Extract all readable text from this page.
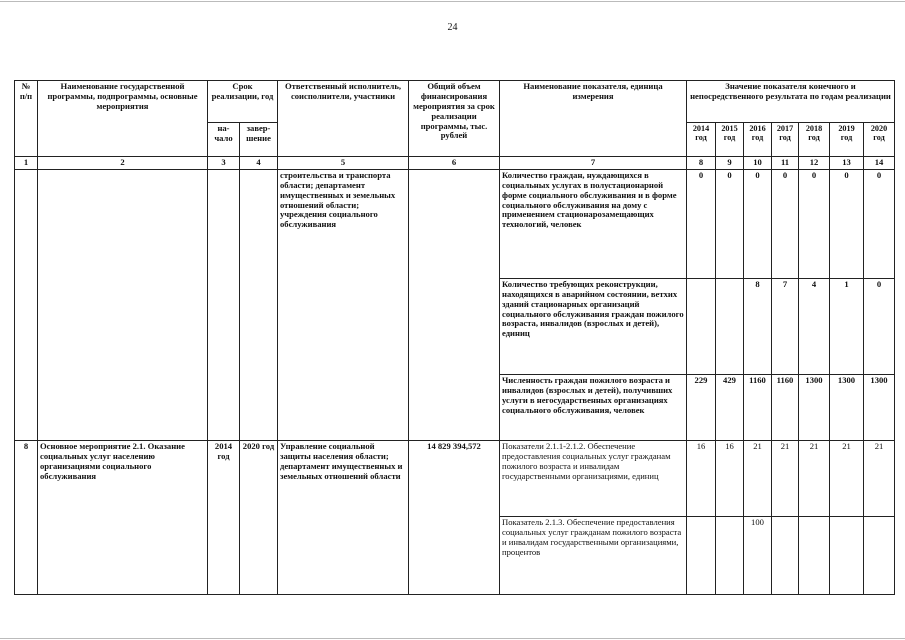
24
№ п/п	Наименование государственной программы, подпрограммы, основные мероприятия	Срок реализации, год		Ответственный исполнитель, соисполнители, участники	Общий объем финансирования мероприятия за срок реализации программы, тыс. рублей	Наименование показателя, единица измерения	Значение показателя конечного и непосредственного результата по годам реализации						
		на-чало	завер-шение				2014 год	2015 год	2016 год	2017 год	2018 год	2019 год	2020 год
1	2	3	4	5	6	7	8	9	10	11	12	13	14
				строительства и транспорта области; департамент имущественных и земельных отношений области; учреждения социального обслуживания		Количество граждан, нуждающихся в социальных услугах в полустационарной форме социального обслуживания и в форме социального обслуживания на дому с применением стационарозамещающих технологий, человек	0	0	0	0	0	0	0
						Количество требующих реконструкции, находящихся в аварийном состоянии, ветхих зданий стационарных организаций социального обслуживания граждан пожилого возраста, инвалидов (взрослых и детей), единиц			8	7	4	1	0
						Численность граждан пожилого возраста и инвалидов (взрослых и детей), получивших услуги в негосударственных организациях социального обслуживания, человек	229	429	1160	1160	1300	1300	1300
8	Основное мероприятие 2.1. Оказание социальных услуг населению организациями социального обслуживания	2014 год	2020 год	Управление социальной защиты населения области; департамент имущественных и земельных отношений области	14 829 394,572	Показатели 2.1.1-2.1.2. Обеспечение предоставления социальных услуг гражданам пожилого возраста и инвалидам государственными организациями, единиц	16	16	21	21	21	21	21
						Показатель 2.1.3. Обеспечение предоставления социальных услуг гражданам пожилого возраста и инвалидам государственными организациями, процентов			100				
